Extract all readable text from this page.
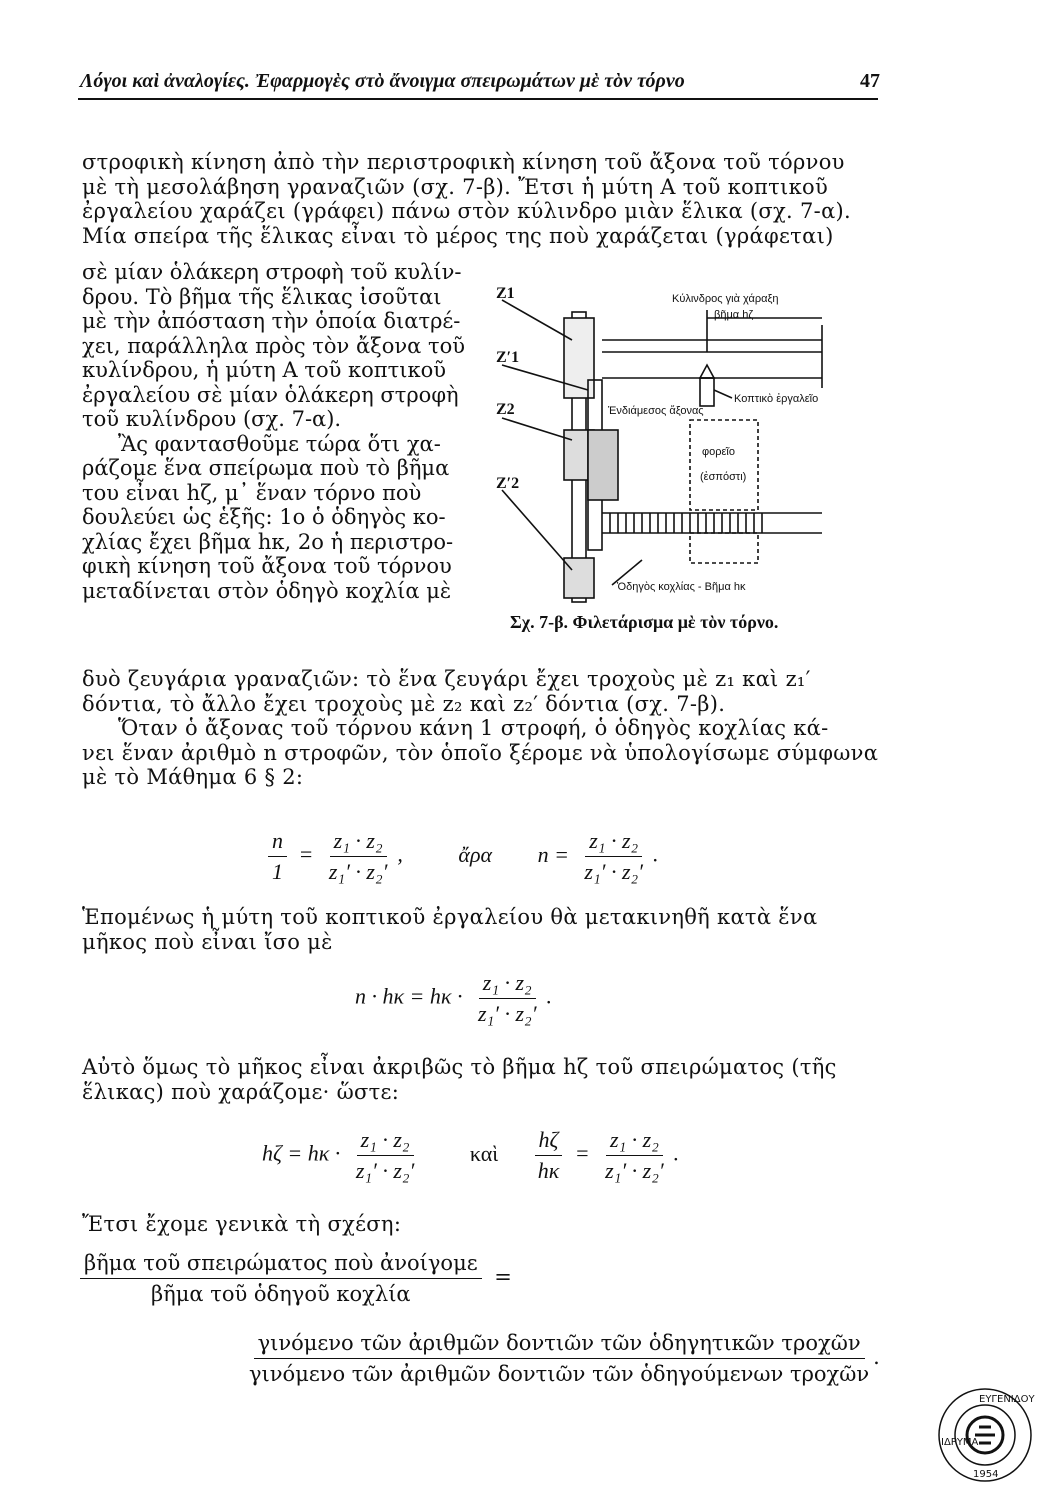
Λόγοι καὶ ἀναλογίες. Ἐφαρμογὲς στὸ ἄνοιγμα σπειρωμάτων μὲ τὸν τόρνο	47

στροφικὴ κίνηση ἀπὸ τὴν περιστροφικὴ κίνηση τοῦ ἄξονα τοῦ τόρνου

μὲ τὴ μεσολάβηση γραναζιῶν (σχ. 7-β). Ἔτσι ἡ μύτη Α τοῦ κοπτικοῦ

ἐργαλείου χαράζει (γράφει) πάνω στὸν κύλινδρο μιὰν ἕλικα (σχ. 7-α).

Μία σπείρα τῆς ἕλικας εἶναι τὸ μέρος της ποὺ χαράζεται (γράφεται)

σὲ μίαν ὁλάκερη στροφὴ τοῦ κυλίν-
δρου. Τὸ βῆμα τῆς ἕλικας ἰσοῦται
μὲ τὴν ἀπόσταση τὴν ὁποία διατρέ-
χει, παράλληλα πρὸς τὸν ἄξονα τοῦ
κυλίνδρου, ἡ μύτη Α τοῦ κοπτικοῦ
ἐργαλείου σὲ μίαν ὁλάκερη στροφὴ
τοῦ κυλίνδρου (σχ. 7-α).
Ἂς φαντασθοῦμε τώρα ὅτι χα-
ράζομε ἕνα σπείρωμα ποὺ τὸ βῆμα
του εἶναι hζ, μ᾽ ἕναν τόρνο ποὺ
δουλεύει ὡς ἑξῆς: 1ο ὁ ὁδηγὸς κο-
χλίας ἔχει βῆμα hκ, 2ο ἡ περιστρο-
φικὴ κίνηση τοῦ ἄξονα τοῦ τόρνου
μεταδίνεται στὸν ὁδηγὸ κοχλία μὲ
Κύλινδρος γιὰ χάραξη
βῆμα hζ
Κοπτικὸ ἐργαλεῖο
Ἐνδιάμεσος ἄξονας
φορεῖο
(ἐσπόστι)
Ὁδηγὸς κοχλίας - Βῆμα hκ
Z1
Z′1
Z2
Z′2
Σχ. 7-β. Φιλετάρισμα μὲ τὸν τόρνο.

δυὸ ζευγάρια γραναζιῶν: τὸ ἕνα ζευγάρι ἔχει τροχοὺς μὲ z₁ καὶ z₁′

δόντια, τὸ ἄλλο ἔχει τροχοὺς μὲ z₂ καὶ z₂′ δόντια (σχ. 7-β).

Ὅταν ὁ ἄξονας τοῦ τόρνου κάνη 1 στροφή, ὁ ὁδηγὸς κοχλίας κά-

νει ἕναν ἀριθμὸ n στροφῶν, τὸν ὁποῖο ξέρομε νὰ ὑπολογίσωμε σύμφωνα

μὲ τὸ Μάθημα 6 § 2:

$\frac{n}{1} = \frac{\text{z₁ · z₂}}{\text{z₁′ · z₂′}}$ , ἄρα $n = \frac{\text{z₁ · z₂}}{\text{z₁′ · z₂′}}$ .

Ἑπομένως ἡ μύτη τοῦ κοπτικοῦ ἐργαλείου θὰ μετακινηθῆ κατὰ ἕνα

μῆκος ποὺ εἶναι ἴσο μὲ

$n \cdot h\kappa = h\kappa \cdot \frac{\text{z₁ · z₂}}{\text{z₁′ · z₂′}}$ .

Αὐτὸ ὅμως τὸ μῆκος εἶναι ἀκριβῶς τὸ βῆμα hζ τοῦ σπειρώματος (τῆς

ἕλικας) ποὺ χαράζομε· ὥστε:

$h\zeta = h\kappa \cdot \frac{\text{z₁ · z₂}}{\text{z₁′ · z₂′}}$ καὶ $\frac{h\zeta}{h\kappa} = \frac{\text{z₁ · z₂}}{\text{z₁′ · z₂′}}$ .

Ἔτσι ἔχομε γενικὰ τὴ σχέση:

$\frac{\text{βῆμα τοῦ σπειρώματος ποὺ ἀνοίγομε}}{\text{βῆμα τοῦ ὁδηγοῦ κοχλία}}$ =
$\frac{\text{γινόμενο τῶν ἀριθμῶν δοντιῶν τῶν ὁδηγητικῶν τροχῶν}}{\text{γινόμενο τῶν ἀριθμῶν δοντιῶν τῶν ὁδηγούμενων τροχῶν}}$ .
ΕΥΓΕΝΙΔΟΥ
ΙΔΡΥΜΑ
1954
